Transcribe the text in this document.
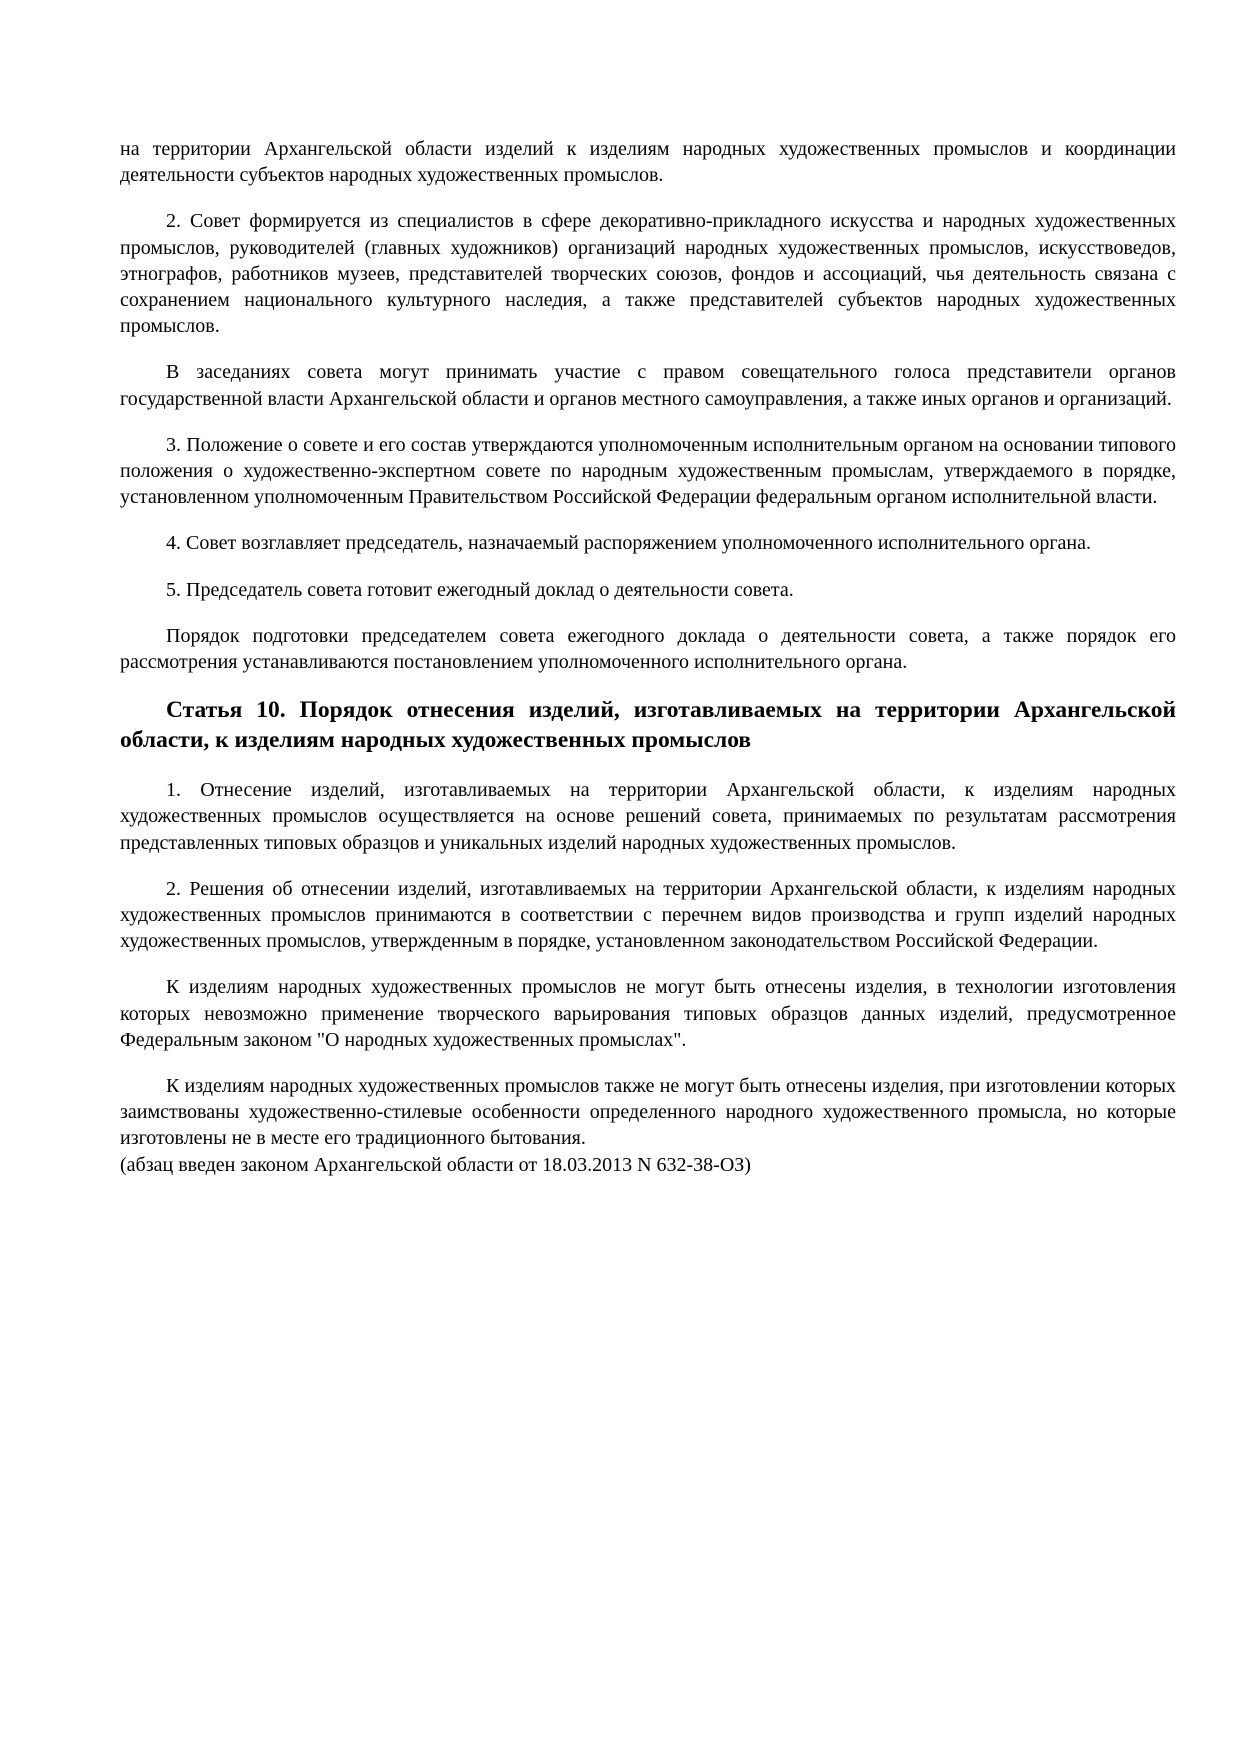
на территории Архангельской области изделий к изделиям народных художественных промыслов и координации деятельности субъектов народных художественных промыслов.

2. Совет формируется из специалистов в сфере декоративно-прикладного искусства и народных художественных промыслов, руководителей (главных художников) организаций народных художественных промыслов, искусствоведов, этнографов, работников музеев, представителей творческих союзов, фондов и ассоциаций, чья деятельность связана с сохранением национального культурного наследия, а также представителей субъектов народных художественных промыслов.

В заседаниях совета могут принимать участие с правом совещательного голоса представители органов государственной власти Архангельской области и органов местного самоуправления, а также иных органов и организаций.

3. Положение о совете и его состав утверждаются уполномоченным исполнительным органом на основании типового положения о художественно-экспертном совете по народным художественным промыслам, утверждаемого в порядке, установленном уполномоченным Правительством Российской Федерации федеральным органом исполнительной власти.

4. Совет возглавляет председатель, назначаемый распоряжением уполномоченного исполнительного органа.

5. Председатель совета готовит ежегодный доклад о деятельности совета.

Порядок подготовки председателем совета ежегодного доклада о деятельности совета, а также порядок его рассмотрения устанавливаются постановлением уполномоченного исполнительного органа.

Статья 10. Порядок отнесения изделий, изготавливаемых на территории Архангельской области, к изделиям народных художественных промыслов

1. Отнесение изделий, изготавливаемых на территории Архангельской области, к изделиям народных художественных промыслов осуществляется на основе решений совета, принимаемых по результатам рассмотрения представленных типовых образцов и уникальных изделий народных художественных промыслов.

2. Решения об отнесении изделий, изготавливаемых на территории Архангельской области, к изделиям народных художественных промыслов принимаются в соответствии с перечнем видов производства и групп изделий народных художественных промыслов, утвержденным в порядке, установленном законодательством Российской Федерации.

К изделиям народных художественных промыслов не могут быть отнесены изделия, в технологии изготовления которых невозможно применение творческого варьирования типовых образцов данных изделий, предусмотренное Федеральным законом "О народных художественных промыслах".

К изделиям народных художественных промыслов также не могут быть отнесены изделия, при изготовлении которых заимствованы художественно-стилевые особенности определенного народного художественного промысла, но которые изготовлены не в месте его традиционного бытования.

(абзац введен законом Архангельской области от 18.03.2013 N 632-38-ОЗ)
